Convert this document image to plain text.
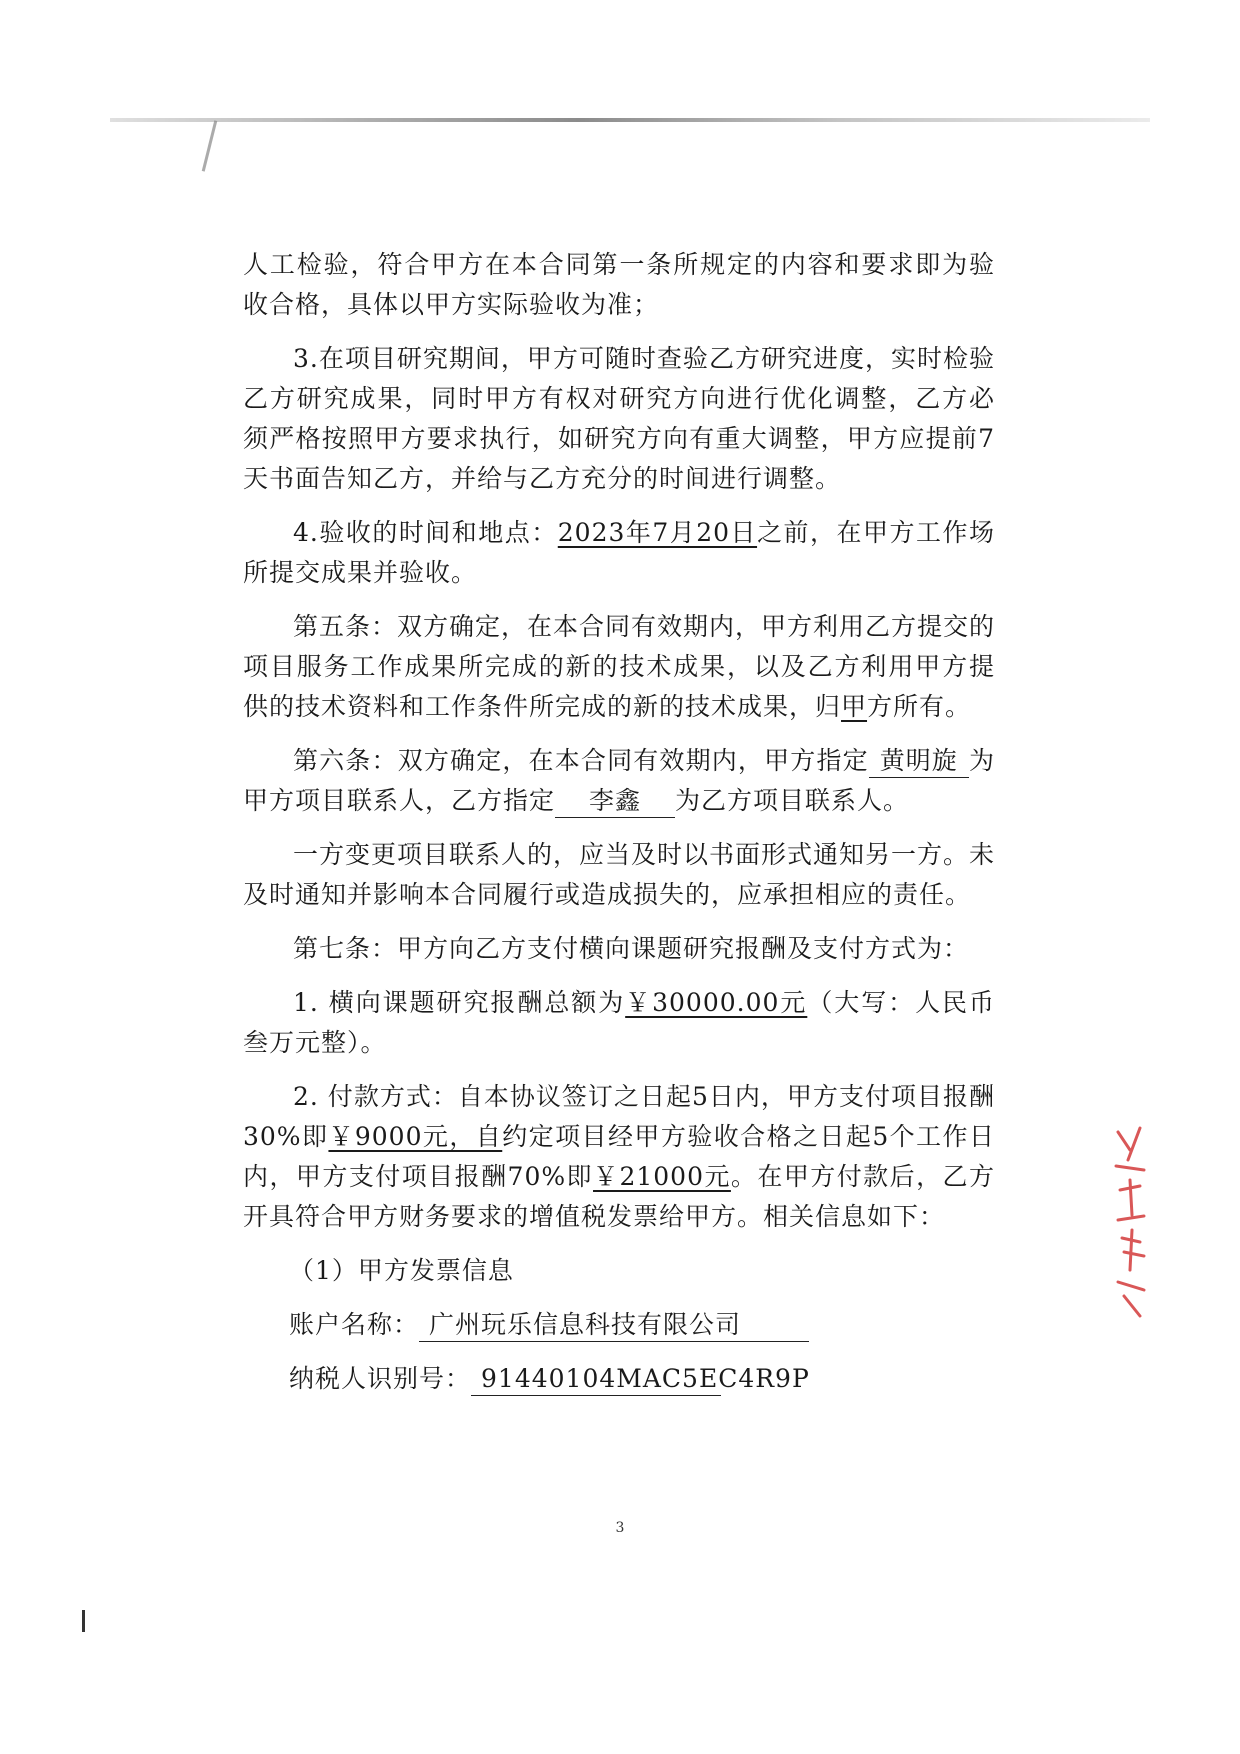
人工检验，符合甲方在本合同第一条所规定的内容和要求即为验收合格，具体以甲方实际验收为准；

3.在项目研究期间，甲方可随时查验乙方研究进度，实时检验乙方研究成果，同时甲方有权对研究方向进行优化调整，乙方必须严格按照甲方要求执行，如研究方向有重大调整，甲方应提前7天书面告知乙方，并给与乙方充分的时间进行调整。

4.验收的时间和地点：2023年7月20日之前，在甲方工作场所提交成果并验收。

第五条：双方确定，在本合同有效期内，甲方利用乙方提交的项目服务工作成果所完成的新的技术成果，以及乙方利用甲方提供的技术资料和工作条件所完成的新的技术成果，归甲方所有。

第六条：双方确定，在本合同有效期内，甲方指定 黄明旋 为甲方项目联系人，乙方指定 李鑫 为乙方项目联系人。

一方变更项目联系人的，应当及时以书面形式通知另一方。未及时通知并影响本合同履行或造成损失的，应承担相应的责任。

第七条：甲方向乙方支付横向课题研究报酬及支付方式为：

1. 横向课题研究报酬总额为￥30000.00元（大写：人民币叁万元整）。

2. 付款方式：自本协议签订之日起5日内，甲方支付项目报酬30%即￥9000元，自约定项目经甲方验收合格之日起5个工作日内，甲方支付项目报酬70%即￥21000元。在甲方付款后，乙方开具符合甲方财务要求的增值税发票给甲方。相关信息如下：

（1）甲方发票信息

账户名称： 广州玩乐信息科技有限公司

纳税人识别号： 91440104MAC5EC4R9P

3
